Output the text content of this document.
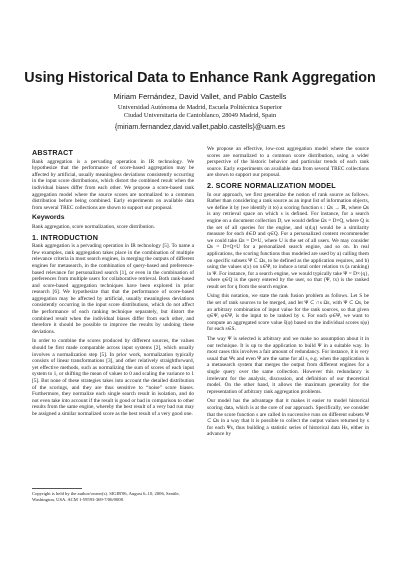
Using Historical Data to Enhance Rank Aggregation
Miriam Fernández, David Vallet, and Pablo Castells
Universidad Autónoma de Madrid, Escuela Politécnica Superior
Ciudad Universitaria de Cantoblanco, 28049 Madrid, Spain
{miriam.fernandez,david.vallet,pablo.castells}@uam.es
ABSTRACT

Rank aggregation is a pervading operation in IR technology. We hypothesize that the performance of score-based aggregation may be affected by artificial, usually meaningless deviations consistently occurring in the input score distributions, which distort the combined result when the individual biases differ from each other. We propose a score-based rank aggregation model where the source scores are normalized to a common distribution before being combined. Early experiments on available data from several TREC collections are shown to support our proposal.

Keywords

Rank aggregation, score normalization, score distribution.

1. INTRODUCTION

Rank aggregation is a pervading operation in IR technology [5]. To name a few examples, rank aggregation takes place in the combination of multiple relevance criteria in most search engines, in merging the outputs of different engines for metasearch, in the combination of query-based and preference-based relevance for personalized search [1], or even in the combination of preferences from multiple users for collaborative retrieval. Both rank-based and score-based aggregation techniques have been explored in prior research [6]. We hypothesize that that the performance of score-based aggregation may be affected by artificial, usually meaningless deviations consistently occurring in the input score distributions, which do not affect the performance of each ranking technique separately, but distort the combined result when the individual biases differ from each other, and therefore it should be possible to improve the results by undoing these deviations.

In order to combine the scores produced by different sources, the values should be first made comparable across input systems [2], which usually involves a normalization step [5]. In prior work, normalization typically consists of linear transformations [3], and other relatively straightforward, yet effective methods, such as normalizing the sum of scores of each input system to 1, or shifting the mean of values to 0 and scaling the variance to 1 [5]. But none of these strategies takes into account the detailed distribution of the scorings, and they are thus sensitive to “noise” score biases. Furthermore, they normalize each single search result in isolation, and do not even take into account if the result is good or bad in comparison to other results from the same engine, whereby the best result of a very bad run may be assigned a similar normalized score as the best result of a very good one.

Copyright is held by the author/owner(s). SIGIR'06, August 6–10, 2006, Seattle, Washington, USA. ACM 1-59593-369-7/06/0008.

We propose an effective, low-cost aggregation model where the source scores are normalized to a common score distribution, using a wider perspective of the historic behavior and particular trends of each rank source. Early experiments on available data from several TREC collections are shown to support our proposal.

2. SCORE NORMALIZATION MODEL

In our approach, we first generalize the notion of rank source as follows. Rather than considering a rank source as an input list of information objects, we define it by (we identify it to) a scoring function s : Ωs → ℝ, where Ωs is any retrieval space on which s is defined. For instance, for a search engine on a document collection D, we would define Ωs = D×Q, where Q is the set of all queries for the engine, and s(d,q) would be a similarity measure for each d∈D and q∈Q. For a personalized content recommender we could take Ωs = D×U, where U is the set of all users. We may consider Ωs = D×Q×U for a personalized search engine, and so on. In real applications, the scoring functions thus modeled are used by a) calling them on specific subsets Ψ ⊂ Ωs, to be defined as the application requires, and b) using the values s(x) on x∈Ψ, to induce a total order relation τs (a ranking) in Ψ. For instance, for a search engine, we would typically take Ψ = D×{q}, where q∈Q is the query entered by the user, so that (Ψ, τs) is the ranked result set for q from the search engine.

Using this notation, we state the rank fusion problem as follows. Let S be the set of rank sources to be merged, and let Ψ ⊂ ∩s Ωs, with Ψ ⊂ Ωs, be an arbitrary combination of input value for the rank sources, so that given q∈Ψ, φ∈Ψ, is the input to be ranked by s. For each φ∈Ψ, we want to compute an aggregated score value s̃(φ) based on the individual scores s(φ) for each s∈S.

The way Ψ is selected is arbitrary and we make no assumption about it in our technique. It is up to the application to build Ψ in a suitable way. In most cases this involves a fair amount of redundancy. For instance, it is very usual that Ψs and even Ψ are the same for all s, e.g. when the application is a metasearch system that merges the output from different engines for a single query over the same collection. However this redundancy is irrelevant for the analysis, discussion, and definition of our theoretical model. On the other hand, it allows the maximum generality for the representation of arbitrary rank aggregation problems.

Our model has the advantage that it makes it easier to model historical scoring data, which is at the core of our approach. Specifically, we consider that the score function s are called in successive runs on different subsets Ψ ⊂ Ωs in a way that it is possible to collect the output values returned by s for each Ψs, thus building a statistic series of historical data Hs, either in advance by
